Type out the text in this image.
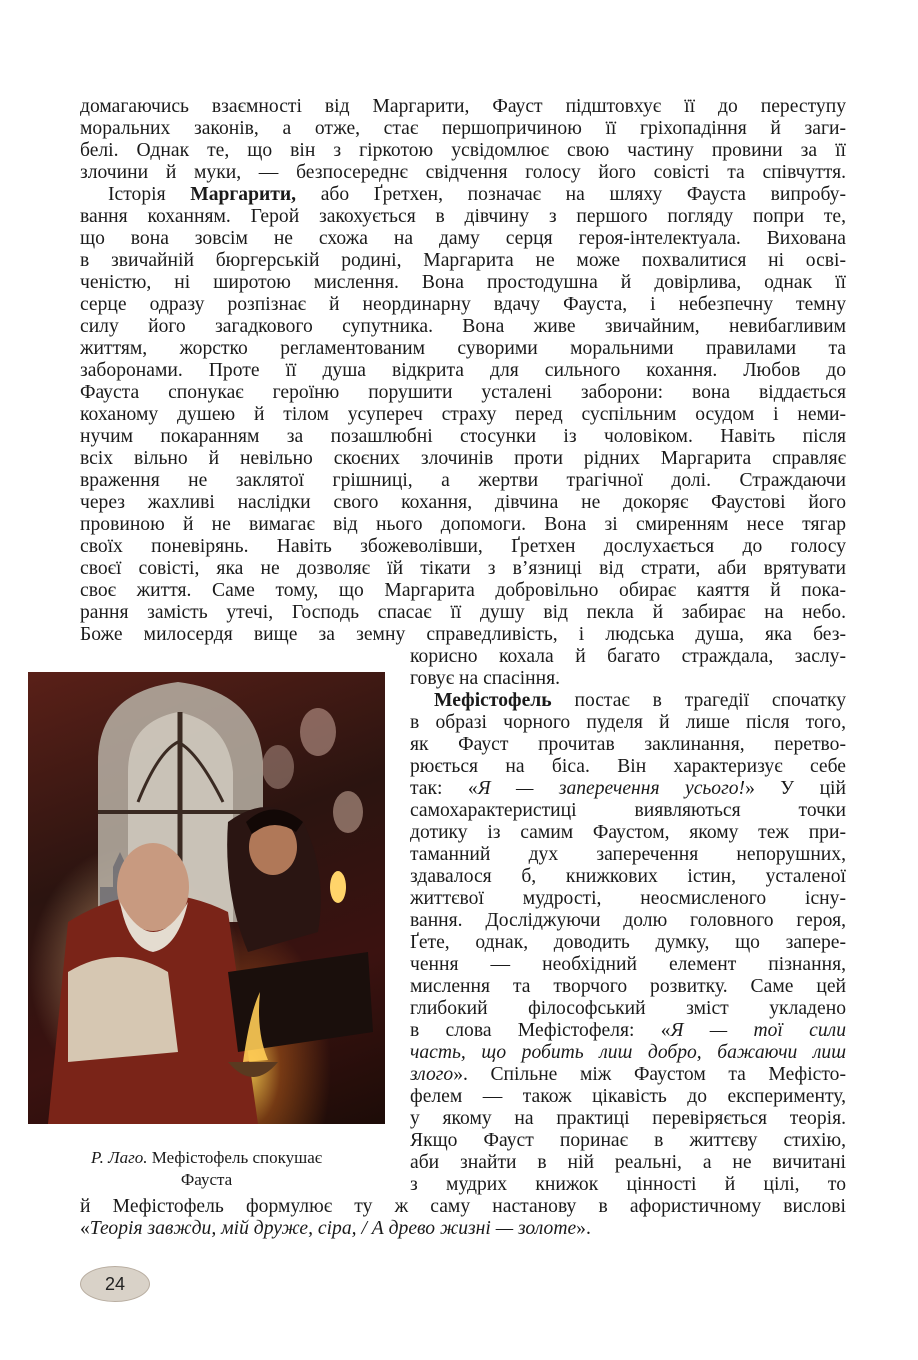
домагаючись взаємності від Маргарити, Фауст підштовхує її до переступу
моральних законів, а отже, стає першопричиною її гріхопадіння й заги-
белі. Однак те, що він з гіркотою усвідомлює свою частину провини за її
злочини й муки, — безпосереднє свідчення голосу його совісті та співчуття.
Історія Маргарити, або Ґретхен, позначає на шляху Фауста випробу-
вання коханням. Герой закохується в дівчину з першого погляду попри те,
що вона зовсім не схожа на даму серця героя-інтелектуала. Вихована
в звичайній бюргерській родині, Маргарита не може похвалитися ні осві-
ченістю, ні широтою мислення. Вона простодушна й довірлива, однак її
серце одразу розпізнає й неординарну вдачу Фауста, і небезпечну темну
силу його загадкового супутника. Вона живе звичайним, невибагливим
життям, жорстко регламентованим суворими моральними правилами та
заборонами. Проте її душа відкрита для сильного кохання. Любов до
Фауста спонукає героїню порушити усталені заборони: вона віддається
коханому душею й тілом усупереч страху перед суспільним осудом і неми-
нучим покаранням за позашлюбні стосунки із чоловіком. Навіть після
всіх вільно й невільно скоєних злочинів проти рідних Маргарита справляє
враження не заклятої грішниці, а жертви трагічної долі. Страждаючи
через жахливі наслідки свого кохання, дівчина не докоряє Фаустові його
провиною й не вимагає від нього допомоги. Вона зі смиренням несе тягар
своїх поневірянь. Навіть збожеволівши, Ґретхен дослухається до голосу
своєї совісті, яка не дозволяє їй тікати з в’язниці від страти, аби врятувати
своє життя. Саме тому, що Маргарита добровільно обирає каяття й пока-
рання замість утечі, Господь спасає її душу від пекла й забирає на небо.
Боже милосердя вище за земну справедливість, і людська душа, яка без-
корисно кохала й багато страждала, заслу-
говує на спасіння.
Мефістофель постає в трагедії спочатку
в образі чорного пуделя й лише після того,
як Фауст прочитав заклинання, перетво-
рюється на біса. Він характеризує себе
так: «Я — заперечення усього!» У цій
самохарактеристиці виявляються точки
дотику із самим Фаустом, якому теж при-
таманний дух заперечення непорушних,
здавалося б, книжкових істин, усталеної
життєвої мудрості, неосмисленого існу-
вання. Досліджуючи долю головного героя,
Ґете, однак, доводить думку, що запере-
чення — необхідний елемент пізнання,
мислення та творчого розвитку. Саме цей
глибокий філософський зміст укладено
в слова Мефістофеля: «Я — тої сили
часть, що робить лиш добро, бажаючи лиш
злого». Спільне між Фаустом та Мефісто-
фелем — також цікавість до експерименту,
у якому на практиці перевіряється теорія.
Якщо Фауст поринає в життєву стихію,
аби знайти в ній реальні, а не вичитані
з мудрих книжок цінності й цілі, то
й Мефістофель формулює ту ж саму настанову в афористичному вислові
«Теорія завжди, мій друже, сіра, / А древо жизні — золоте».
Р. Лаго. Мефістофель спокушає
Фауста
24
